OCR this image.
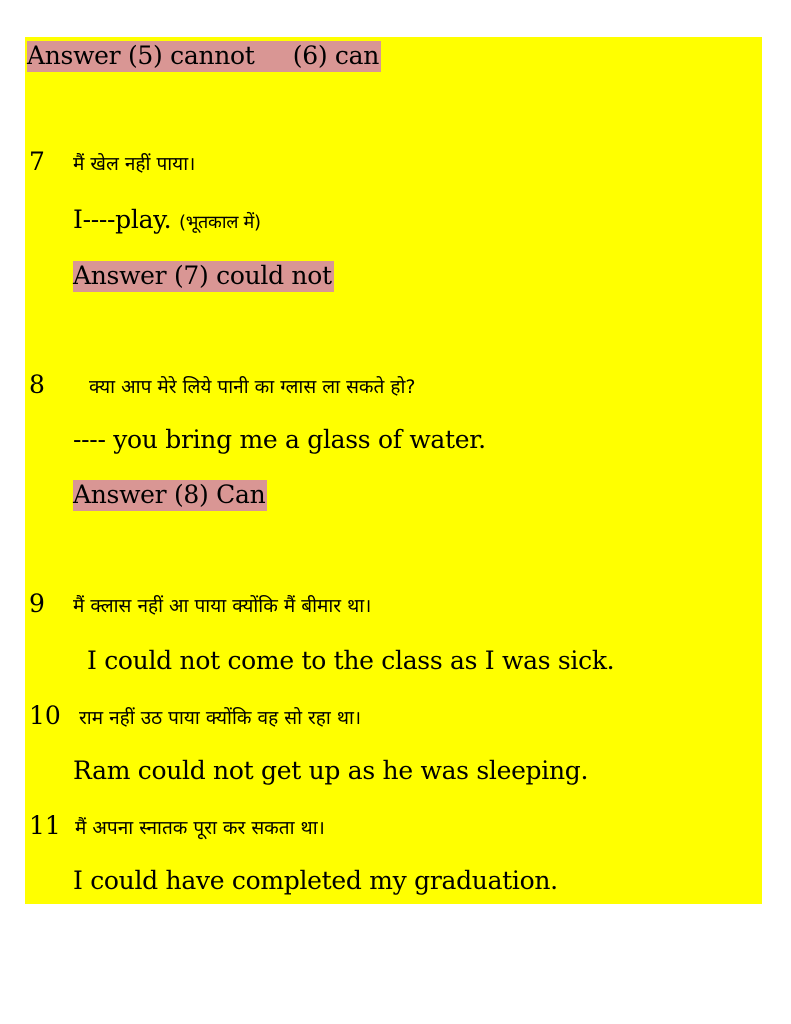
Answer (5) cannot     (6) can
7 मैं खेल नहीं पाया।
I----play. (भूतकाल में)
Answer (7) could not
8 क्या आप मेरे लिये पानी का ग्लास ला सकते हो?
---- you bring me a glass of water.
Answer (8) Can
9 मैं क्लास नहीं आ पाया क्योंकि मैं बीमार था।
I could not come to the class as I was sick.
10 राम नहीं उठ पाया क्योंकि वह सो रहा था।
Ram could not get up as he was sleeping.
11 मैं अपना स्नातक पूरा कर सकता था।
I could have completed my graduation.
